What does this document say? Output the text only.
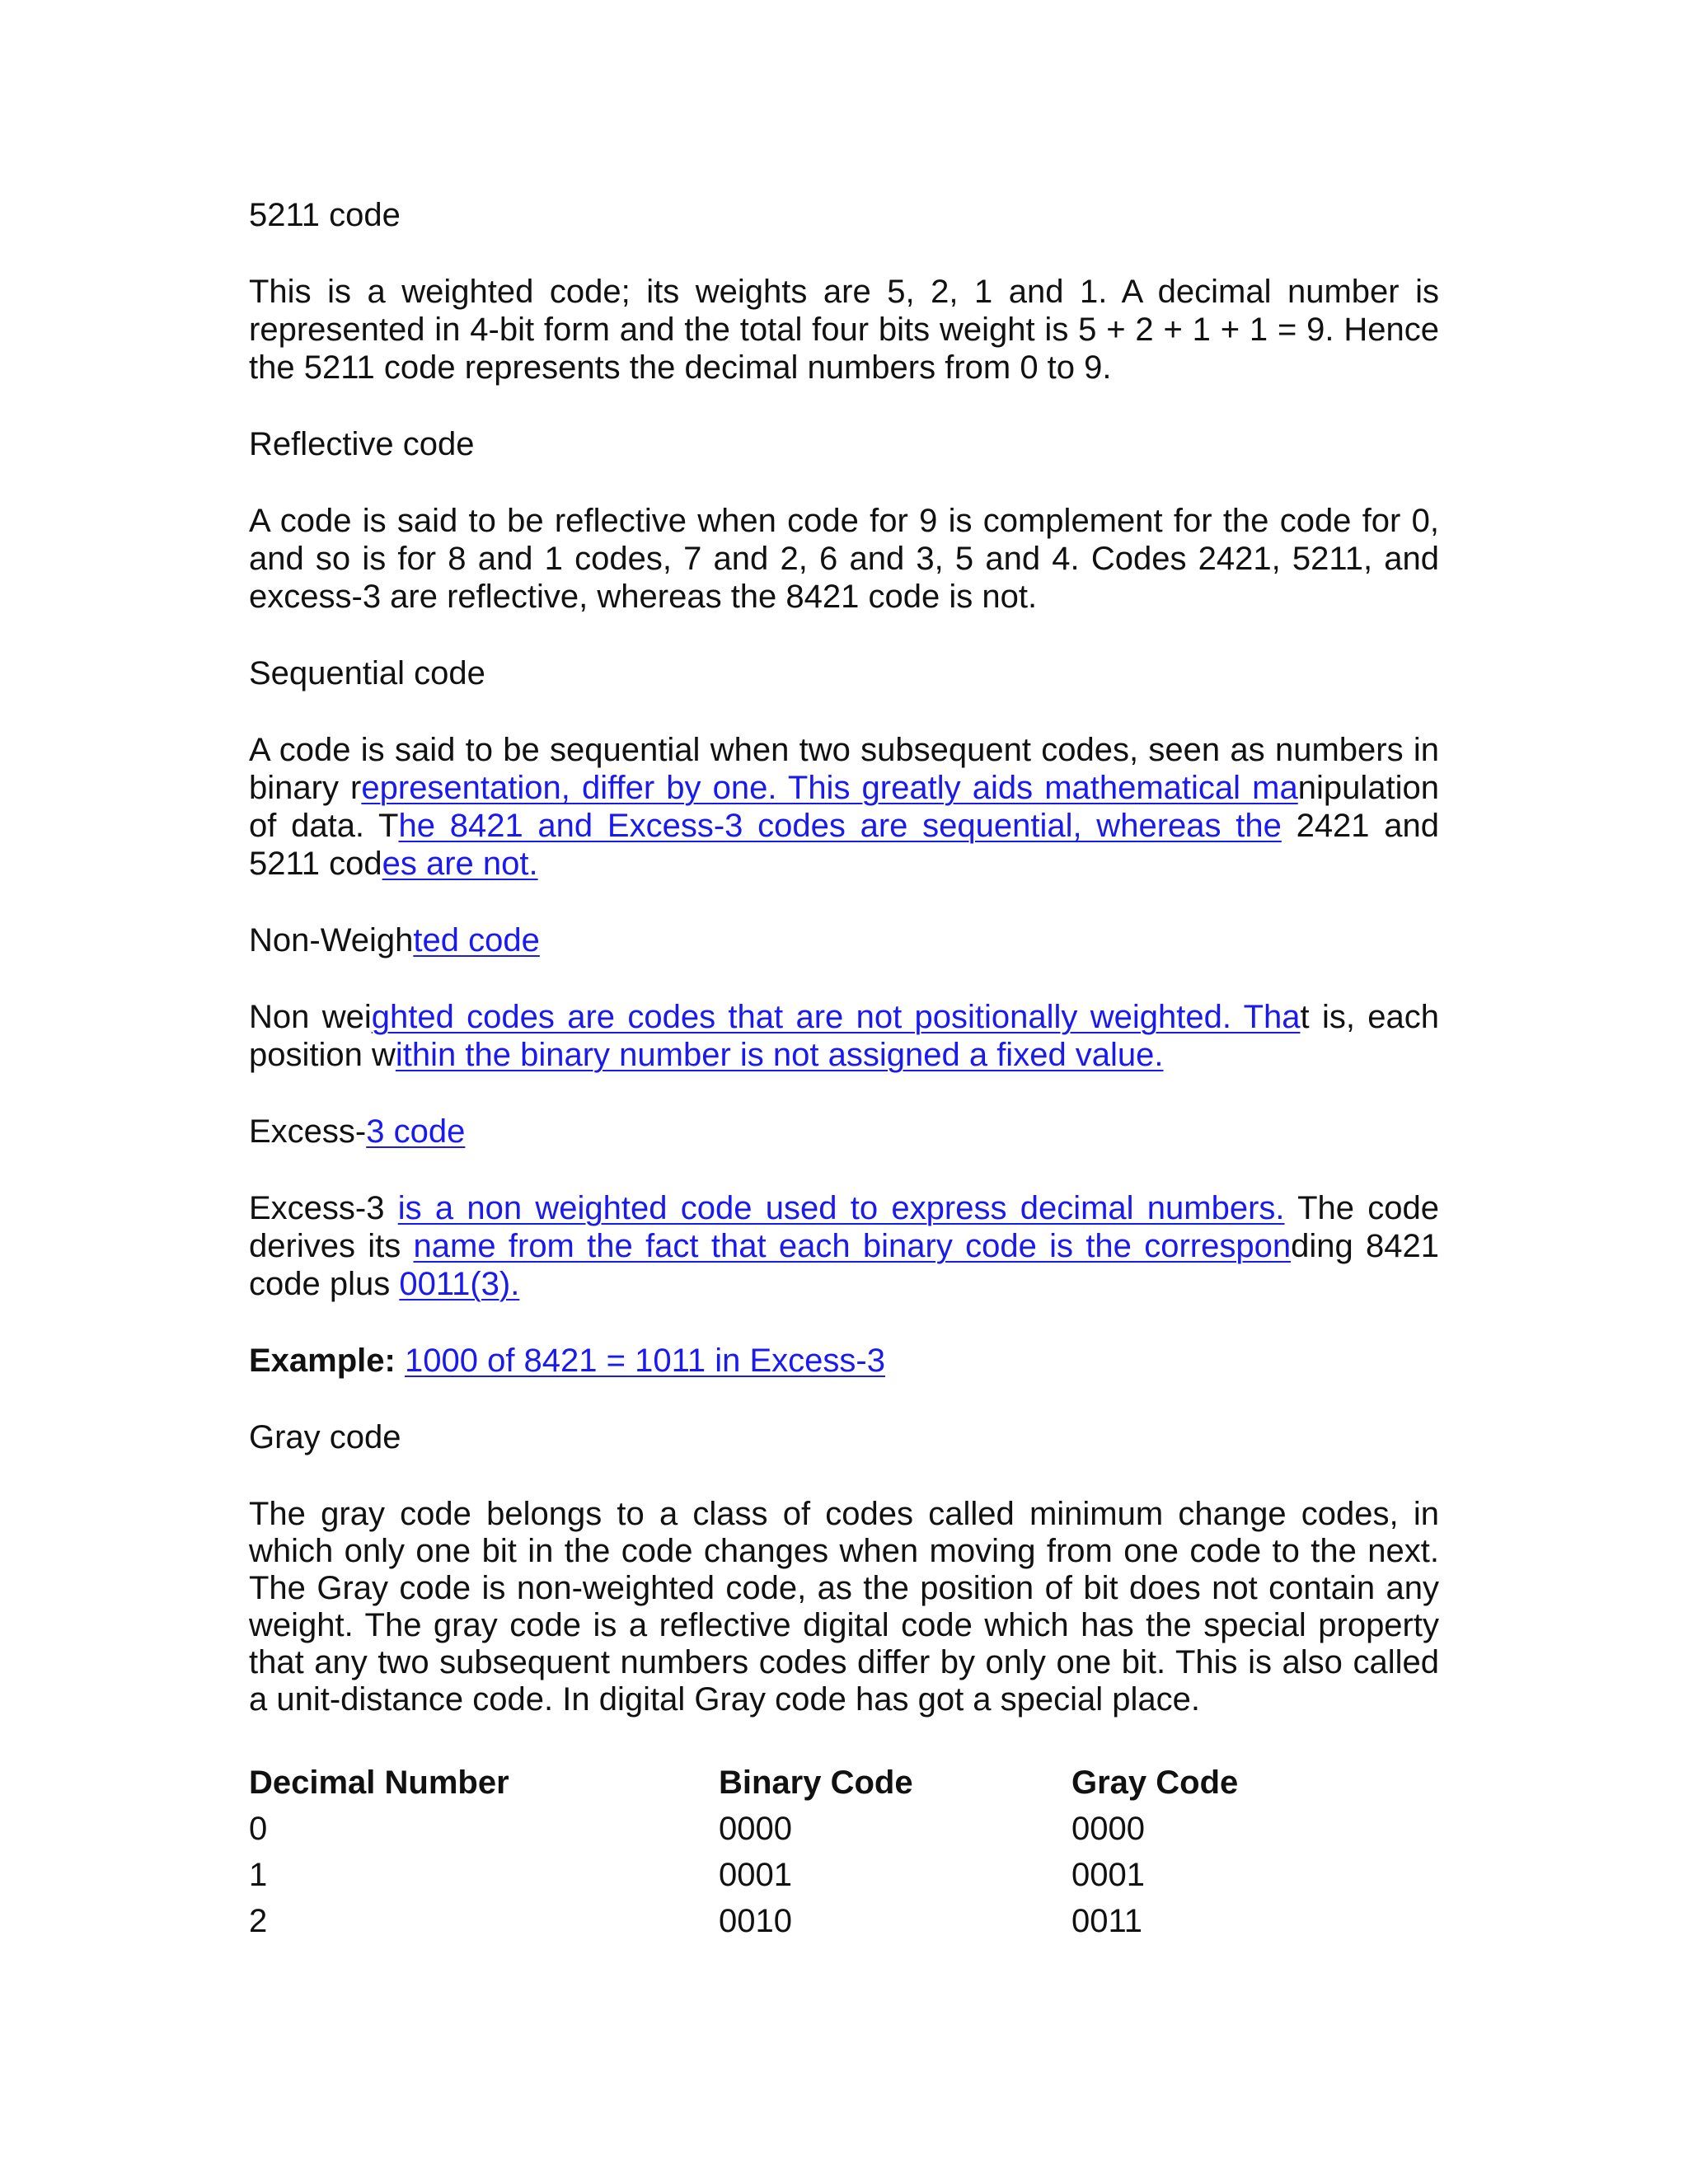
5211 code
This is a weighted code; its weights are 5, 2, 1 and 1. A decimal number is
represented in 4-bit form and the total four bits weight is 5 + 2 + 1 + 1 = 9. Hence
the 5211 code represents the decimal numbers from 0 to 9.
Reflective code
A code is said to be reflective when code for 9 is complement for the code for 0,
and so is for 8 and 1 codes, 7 and 2, 6 and 3, 5 and 4. Codes 2421, 5211, and
excess-3 are reflective, whereas the 8421 code is not.
Sequential code
A code is said to be sequential when two subsequent codes, seen as numbers in
binary representation, differ by one. This greatly aids mathematical manipulation
of data. The 8421 and Excess-3 codes are sequential, whereas the 2421 and
5211 codes are not.
Non-Weighted code
Non weighted codes are codes that are not positionally weighted. That is, each
position within the binary number is not assigned a fixed value.
Excess-3 code
Excess-3 is a non weighted code used to express decimal numbers. The code
derives its name from the fact that each binary code is the corresponding 8421
code plus 0011(3).
Example: 1000 of 8421 = 1011 in Excess-3
Gray code
The gray code belongs to a class of codes called minimum change codes, in
which only one bit in the code changes when moving from one code to the next.
The Gray code is non-weighted code, as the position of bit does not contain any
weight. The gray code is a reflective digital code which has the special property
that any two subsequent numbers codes differ by only one bit. This is also called
a unit-distance code. In digital Gray code has got a special place.
Decimal Number	Binary Code	Gray Code
0	0000	0000
1	0001	0001
2	0010	0011
